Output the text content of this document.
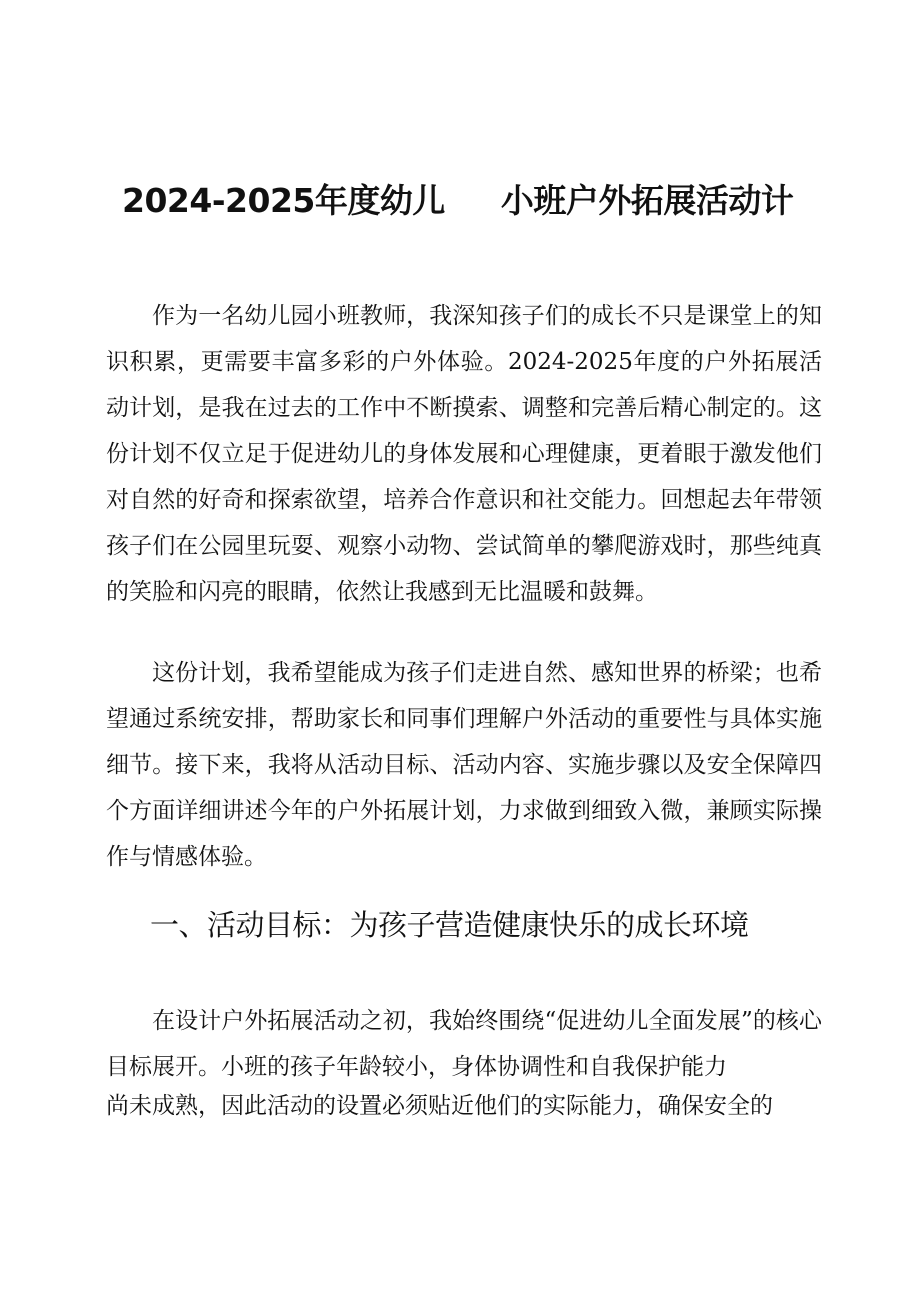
2024-2025年度幼儿 小班户外拓展活动计

作为一名幼儿园小班教师，我深知孩子们的成长不只是课堂上的知识积累，更需要丰富多彩的户外体验。2024-2025年度的户外拓展活动计划，是我在过去的工作中不断摸索、调整和完善后精心制定的。这份计划不仅立足于促进幼儿的身体发展和心理健康，更着眼于激发他们对自然的好奇和探索欲望，培养合作意识和社交能力。回想起去年带领孩子们在公园里玩耍、观察小动物、尝试简单的攀爬游戏时，那些纯真的笑脸和闪亮的眼睛，依然让我感到无比温暖和鼓舞。

这份计划，我希望能成为孩子们走进自然、感知世界的桥梁；也希望通过系统安排，帮助家长和同事们理解户外活动的重要性与具体实施细节。接下来，我将从活动目标、活动内容、实施步骤以及安全保障四个方面详细讲述今年的户外拓展计划，力求做到细致入微，兼顾实际操作与情感体验。

一、活动目标：为孩子营造健康快乐的成长环境

在设计户外拓展活动之初，我始终围绕“促进幼儿全面发展”的核心目标展开。小班的孩子年龄较小，身体协调性和自我保护能力

尚未成熟，因此活动的设置必须贴近他们的实际能力，确保安全的
